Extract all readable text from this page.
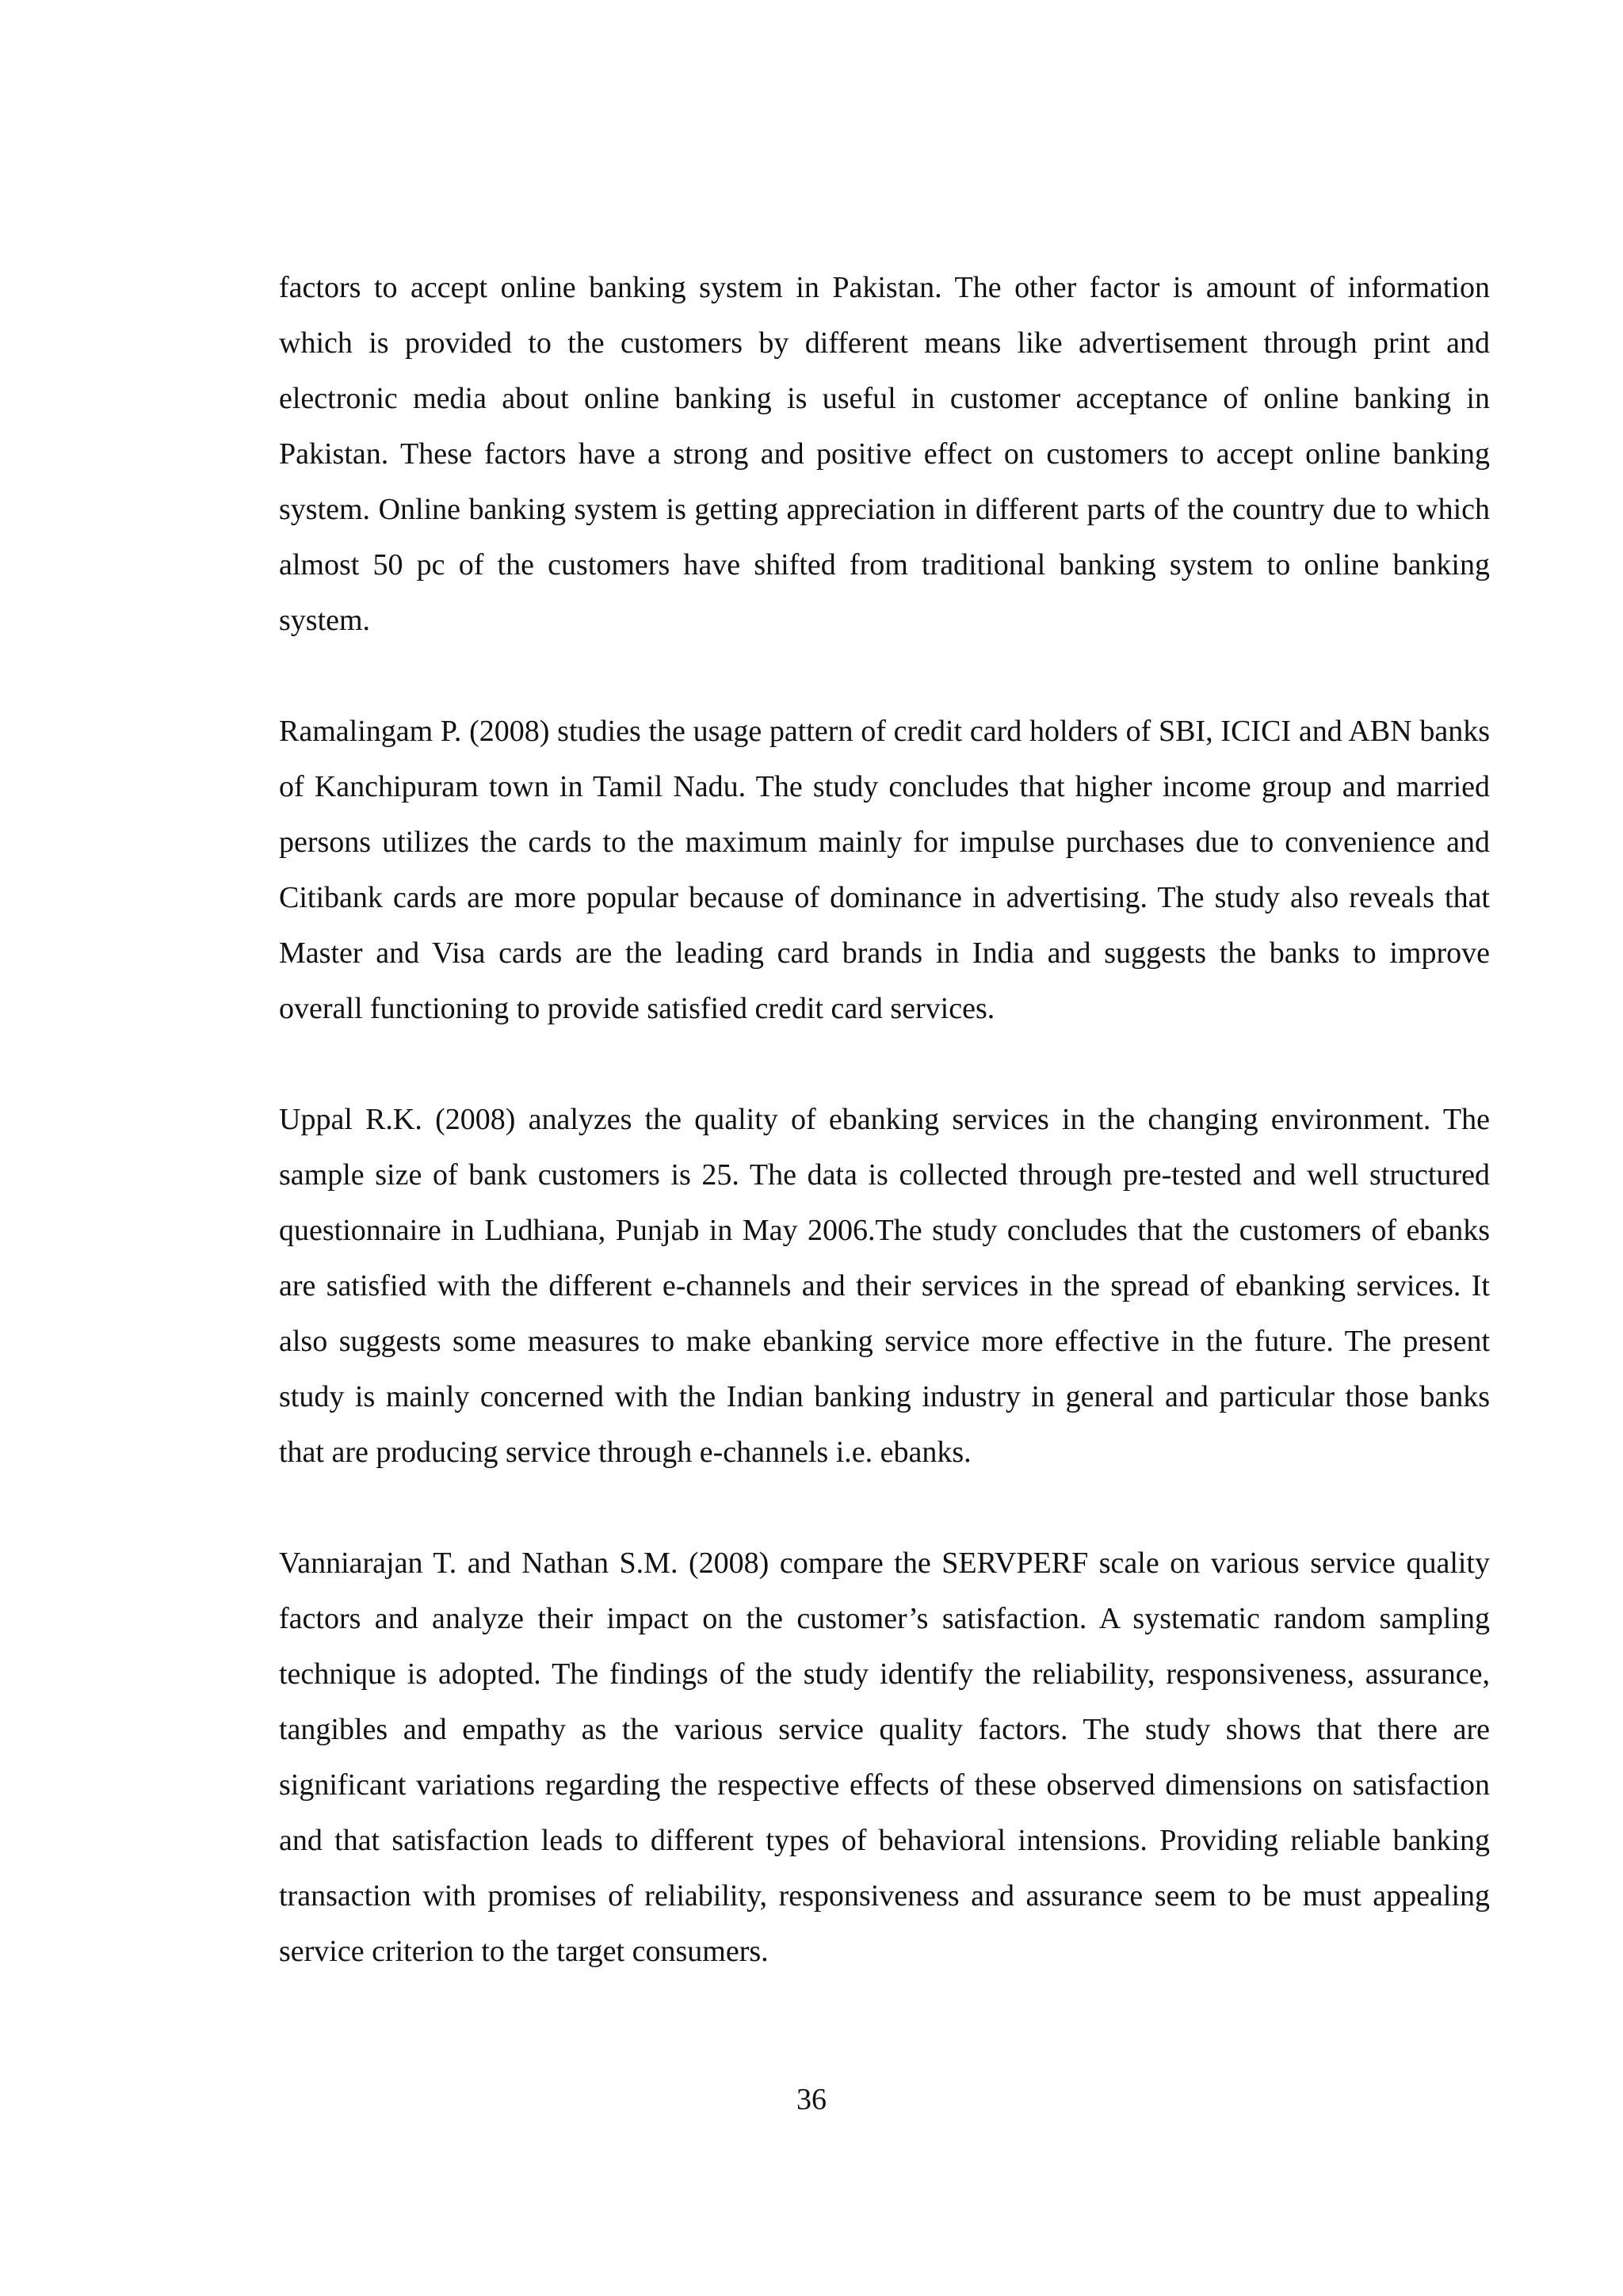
factors to accept online banking system in Pakistan. The other factor is amount of information which is provided to the customers by different means like advertisement through print and electronic media about online banking is useful in customer acceptance of online banking in Pakistan. These factors have a strong and positive effect on customers to accept online banking system. Online banking system is getting appreciation in different parts of the country due to which almost 50 pc of the customers have shifted from traditional banking system to online banking system.

Ramalingam P. (2008) studies the usage pattern of credit card holders of SBI, ICICI and ABN banks of Kanchipuram town in Tamil Nadu. The study concludes that higher income group and married persons utilizes the cards to the maximum mainly for impulse purchases due to convenience and Citibank cards are more popular because of dominance in advertising. The study also reveals that Master and Visa cards are the leading card brands in India and suggests the banks to improve overall functioning to provide satisfied credit card services.

Uppal R.K. (2008) analyzes the quality of ebanking services in the changing environment. The sample size of bank customers is 25. The data is collected through pre-tested and well structured questionnaire in Ludhiana, Punjab in May 2006.The study concludes that the customers of ebanks are satisfied with the different e-channels and their services in the spread of ebanking services. It also suggests some measures to make ebanking service more effective in the future. The present study is mainly concerned with the Indian banking industry in general and particular those banks that are producing service through e-channels i.e. ebanks.

Vanniarajan T. and Nathan S.M. (2008) compare the SERVPERF scale on various service quality factors and analyze their impact on the customer’s satisfaction. A systematic random sampling technique is adopted. The findings of the study identify the reliability, responsiveness, assurance, tangibles and empathy as the various service quality factors. The study shows that there are significant variations regarding the respective effects of these observed dimensions on satisfaction and that satisfaction leads to different types of behavioral intensions. Providing reliable banking transaction with promises of reliability, responsiveness and assurance seem to be must appealing service criterion to the target consumers.

36
